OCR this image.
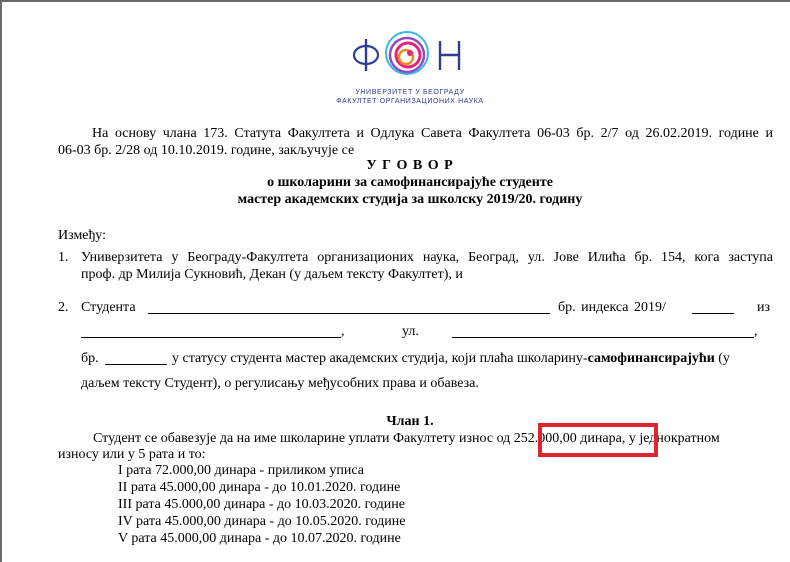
УНИВЕРЗИТЕТ У БЕОГРАДУ
ФАКУЛТЕТ ОРГАНИЗАЦИОНИХ НАУКА
На основу члана 173. Статута Факултета и Одлука Савета Факултета 06-03 бр. 2/7 од 26.02.2019. године и
06-03 бр. 2/28 од 10.10.2019. године, закључује се
У Г О В О Р
о школарини за самофинансирајуће студенте
мастер академских студија за школску 2019/20. годину
Између:
1. Универзитета у Београду-Факултета организационих наука, Београд, ул. Јове Илића бр. 154, кога заступа
проф. др Милија Сукновић, Декан (у даљем тексту Факултет), и
2. Студента	бр. индекса 2019/	из
,	ул.	,
бр.	у статусу студента мастер академских студија, који плаћа школарину-самофинансирајући (у
даљем тексту Студент), о регулисању међусобних права и обавеза.
Члан 1.
Студент се обавезује да на име школарине уплати Факултету износ од 252.000,00 динара, у једнократном
износу или у 5 рата и то:
I рата 72.000,00 динара - приликом уписа
II рата 45.000,00 динара - до 10.01.2020. године
III рата 45.000,00 динара - до 10.03.2020. године
IV рата 45.000,00 динара - до 10.05.2020. године
V рата 45.000,00 динара - до 10.07.2020. године
